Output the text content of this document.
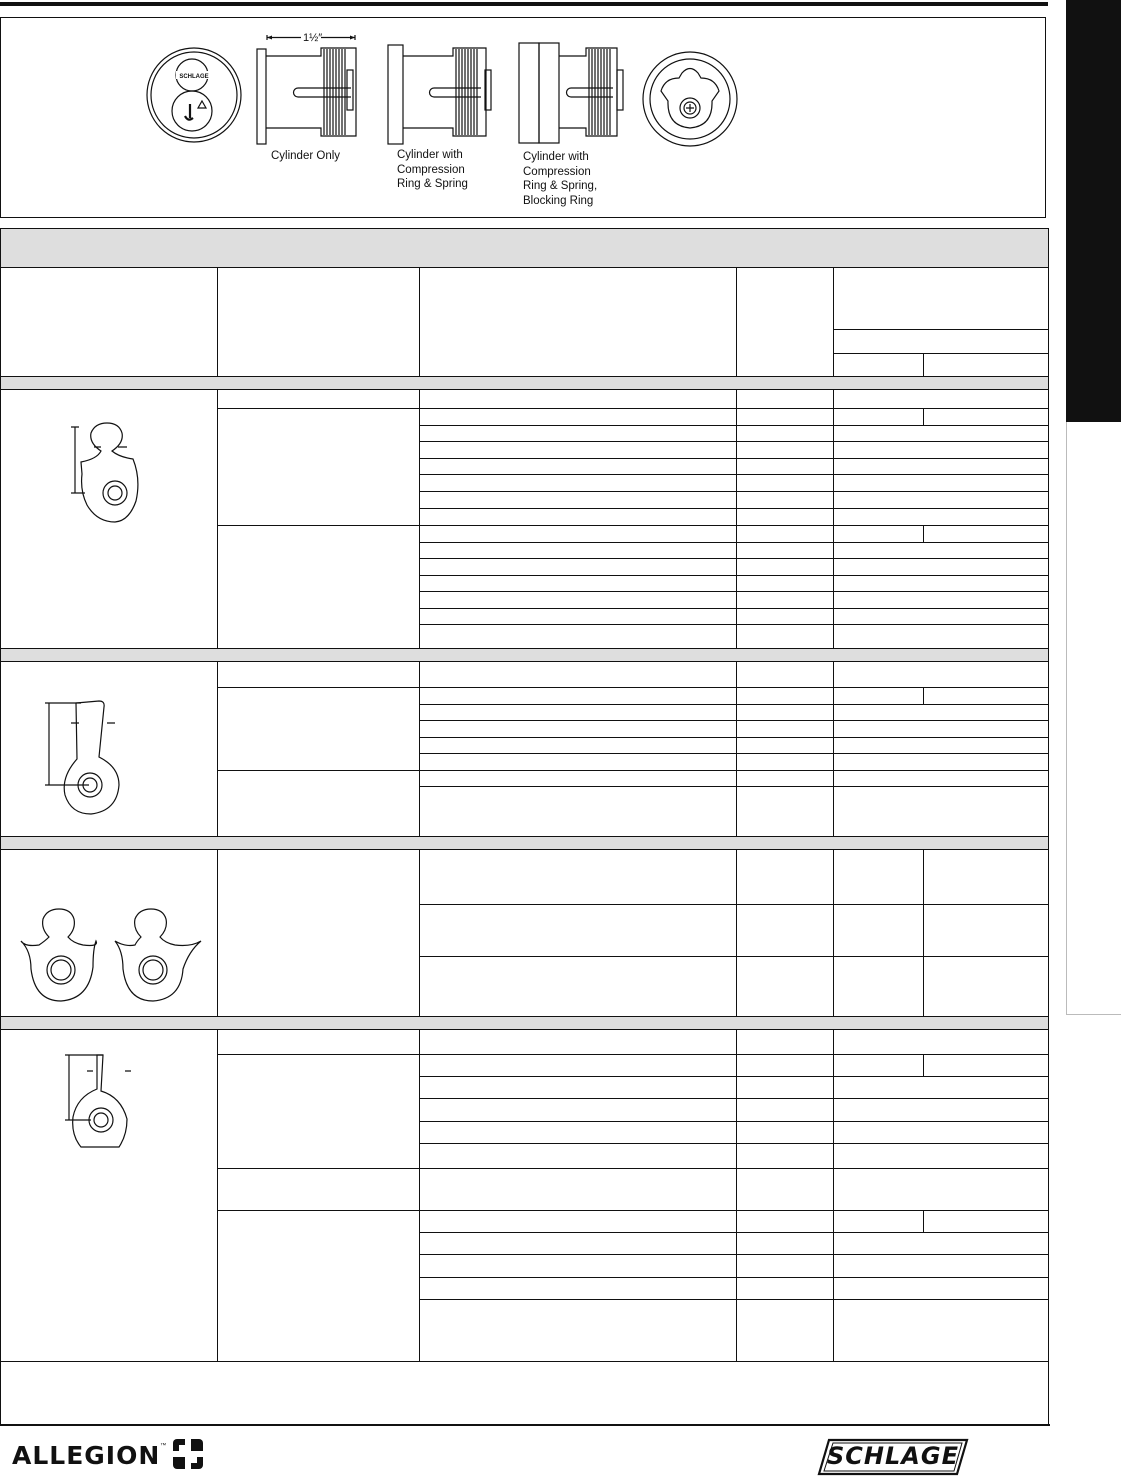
1½″
SCHLAGE
Cylinder Only	Cylinder with
Compression
Ring & Spring
Cylinder with
Compression
Ring & Spring,
Blocking Ring
ALLEGION ™	SCHLAGE
